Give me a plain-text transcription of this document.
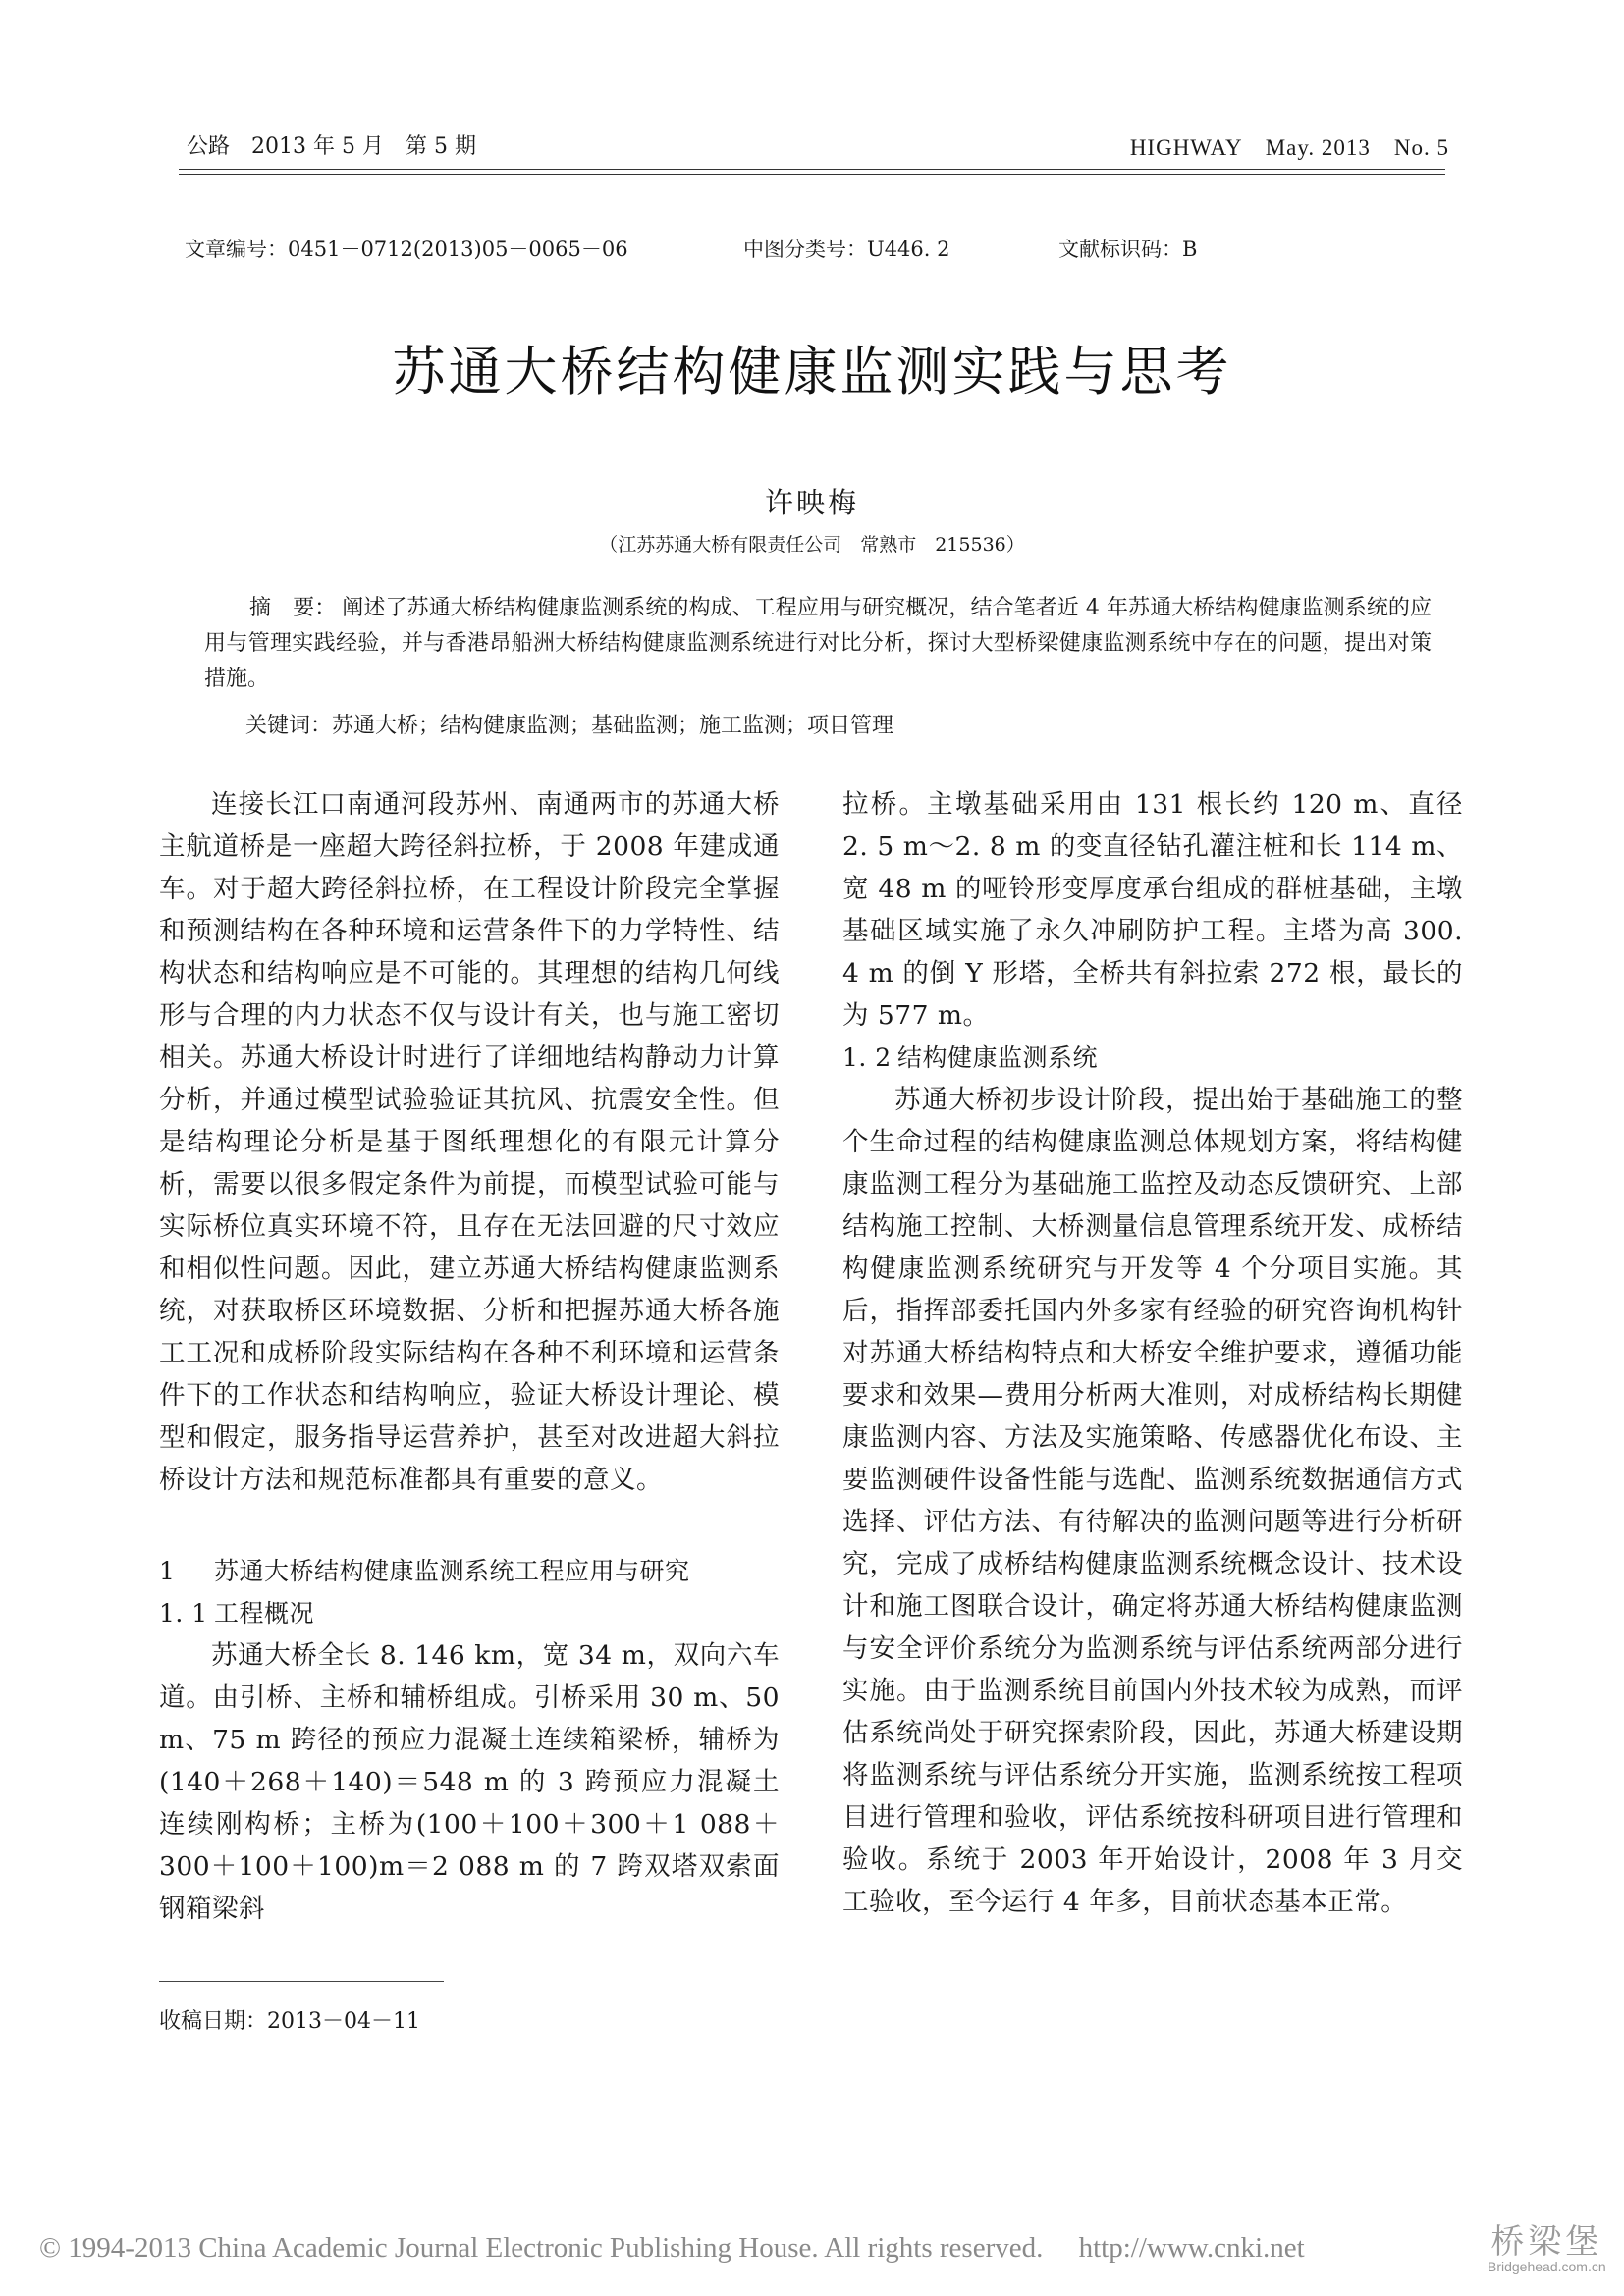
公路　2013 年 5 月　第 5 期	HIGHWAY　May. 2013　No. 5
文章编号：0451－0712(2013)05－0065－06	中图分类号：U446. 2	文献标识码：B
苏通大桥结构健康监测实践与思考
许映梅
（江苏苏通大桥有限责任公司　常熟市　215536）
摘　要： 阐述了苏通大桥结构健康监测系统的构成、工程应用与研究概况，结合笔者近 4 年苏通大桥结构健康监测系统的应用与管理实践经验，并与香港昂船洲大桥结构健康监测系统进行对比分析，探讨大型桥梁健康监测系统中存在的问题，提出对策措施。
关键词：苏通大桥；结构健康监测；基础监测；施工监测；项目管理

连接长江口南通河段苏州、南通两市的苏通大桥主航道桥是一座超大跨径斜拉桥，于 2008 年建成通车。对于超大跨径斜拉桥，在工程设计阶段完全掌握和预测结构在各种环境和运营条件下的力学特性、结构状态和结构响应是不可能的。其理想的结构几何线形与合理的内力状态不仅与设计有关，也与施工密切相关。苏通大桥设计时进行了详细地结构静动力计算分析，并通过模型试验验证其抗风、抗震安全性。但是结构理论分析是基于图纸理想化的有限元计算分析，需要以很多假定条件为前提，而模型试验可能与实际桥位真实环境不符，且存在无法回避的尺寸效应和相似性问题。因此，建立苏通大桥结构健康监测系统，对获取桥区环境数据、分析和把握苏通大桥各施工工况和成桥阶段实际结构在各种不利环境和运营条件下的工作状态和结构响应，验证大桥设计理论、模型和假定，服务指导运营养护，甚至对改进超大斜拉桥设计方法和规范标准都具有重要的意义。

1 苏通大桥结构健康监测系统工程应用与研究

1. 1 工程概况

苏通大桥全长 8. 146 km，宽 34 m，双向六车道。由引桥、主桥和辅桥组成。引桥采用 30 m、50 m、75 m 跨径的预应力混凝土连续箱梁桥，辅桥为(140＋268＋140)＝548 m 的 3 跨预应力混凝土连续刚构桥；主桥为(100＋100＋300＋1 088＋300＋100＋100)m＝2 088 m 的 7 跨双塔双索面钢箱梁斜

拉桥。主墩基础采用由 131 根长约 120 m、直径 2. 5 m～2. 8 m 的变直径钻孔灌注桩和长 114 m、宽 48 m 的哑铃形变厚度承台组成的群桩基础，主墩基础区域实施了永久冲刷防护工程。主塔为高 300. 4 m 的倒 Y 形塔，全桥共有斜拉索 272 根，最长的为 577 m。

1. 2 结构健康监测系统

苏通大桥初步设计阶段，提出始于基础施工的整个生命过程的结构健康监测总体规划方案，将结构健康监测工程分为基础施工监控及动态反馈研究、上部结构施工控制、大桥测量信息管理系统开发、成桥结构健康监测系统研究与开发等 4 个分项目实施。其后，指挥部委托国内外多家有经验的研究咨询机构针对苏通大桥结构特点和大桥安全维护要求，遵循功能要求和效果—费用分析两大准则，对成桥结构长期健康监测内容、方法及实施策略、传感器优化布设、主要监测硬件设备性能与选配、监测系统数据通信方式选择、评估方法、有待解决的监测问题等进行分析研究，完成了成桥结构健康监测系统概念设计、技术设计和施工图联合设计，确定将苏通大桥结构健康监测与安全评价系统分为监测系统与评估系统两部分进行实施。由于监测系统目前国内外技术较为成熟，而评估系统尚处于研究探索阶段，因此，苏通大桥建设期将监测系统与评估系统分开实施，监测系统按工程项目进行管理和验收，评估系统按科研项目进行管理和验收。系统于 2003 年开始设计，2008 年 3 月交工验收，至今运行 4 年多，目前状态基本正常。

收稿日期：2013－04－11
© 1994-2013 China Academic Journal Electronic Publishing House. All rights reserved.　 http://www.cnki.net	桥梁堡
Bridgehead.com.cn
